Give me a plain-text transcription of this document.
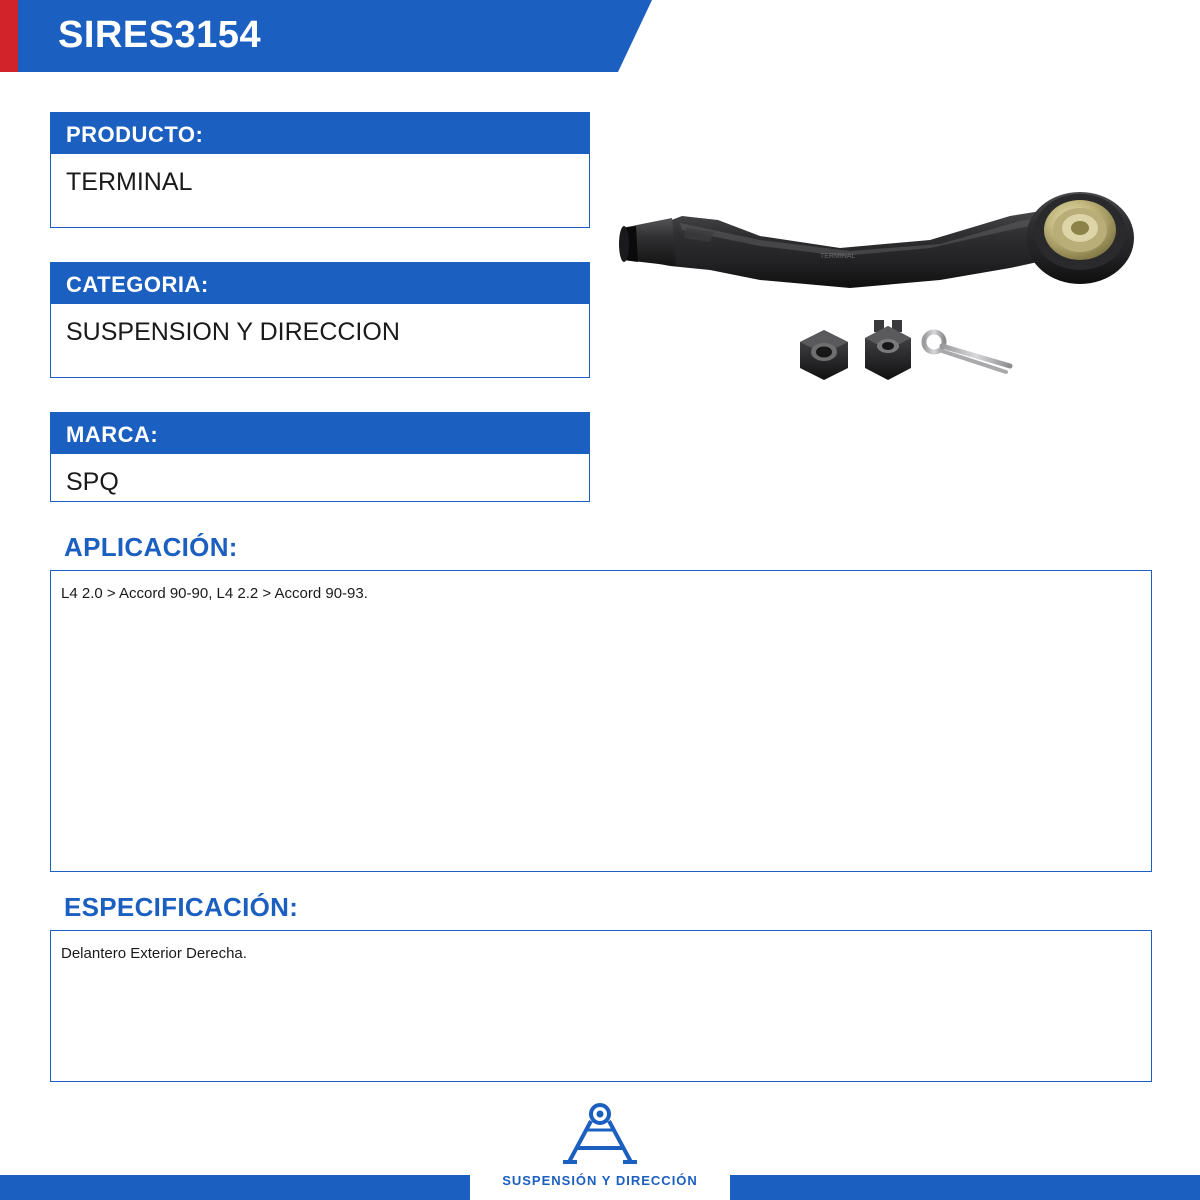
SIRES3154
PRODUCTO:
TERMINAL
CATEGORIA:
SUSPENSION Y DIRECCION
MARCA:
SPQ
TERMINAL
APLICACIÓN:
L4 2.0 > Accord 90-90, L4 2.2 > Accord 90-93.
ESPECIFICACIÓN:
Delantero Exterior Derecha.
SUSPENSIÓN Y DIRECCIÓN
